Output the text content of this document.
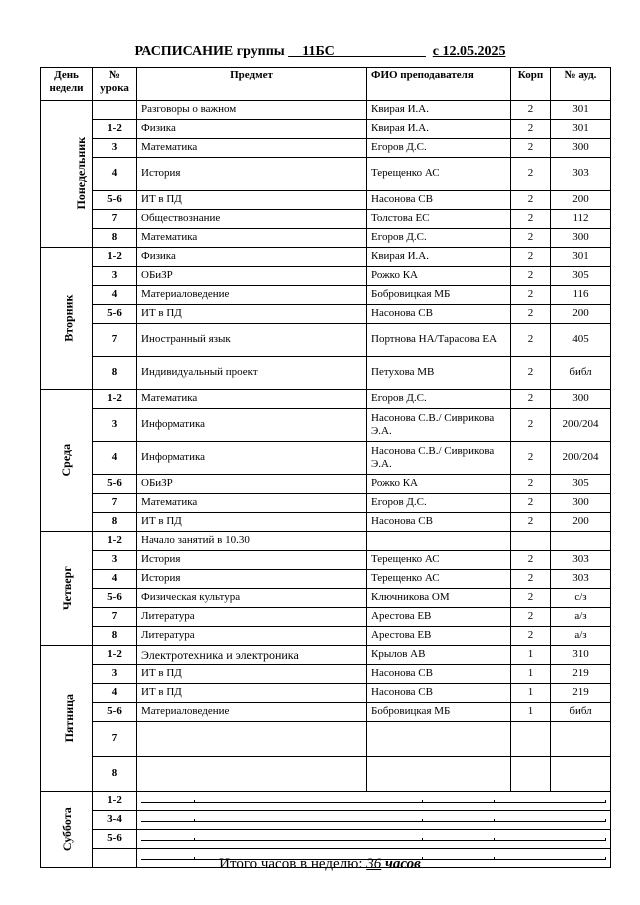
РАСПИСАНИЕ группы __11БС_____________ с 12.05.2025
День недели	№ урока	Предмет	ФИО преподавателя	Корп	№ ауд.
Понедельник		Разговоры о важном	Квирая И.А.	2	301
1-2	Физика	Квирая И.А.	2	301
3	Математика	Егоров Д.С.	2	300
4	История	Терещенко АС	2	303
5-6	ИТ в ПД	Насонова СВ	2	200
7	Обществознание	Толстова ЕС	2	112
8	Математика	Егоров Д.С.	2	300
Вторник	1-2	Физика	Квирая И.А.	2	301
3	ОБиЗР	Рожко КА	2	305
4	Материаловедение	Бобровицкая МБ	2	116
5-6	ИТ в ПД	Насонова СВ	2	200
7	Иностранный язык	Портнова НА/Тарасова ЕА	2	405
8	Индивидуальный проект	Петухова МВ	2	библ
Среда	1-2	Математика	Егоров Д.С.	2	300
3	Информатика	Насонова С.В./ Сиврикова Э.А.	2	200/204
4	Информатика	Насонова С.В./ Сиврикова Э.А.	2	200/204
5-6	ОБиЗР	Рожко КА	2	305
7	Математика	Егоров Д.С.	2	300
8	ИТ в ПД	Насонова СВ	2	200
Четверг	1-2	Начало занятий в 10.30			
3	История	Терещенко АС	2	303
4	История	Терещенко АС	2	303
5-6	Физическая культура	Ключникова ОМ	2	с/з
7	Литература	Арестова ЕВ	2	а/з
8	Литература	Арестова ЕВ	2	а/з
Пятница	1-2	Электротехника и электроника	Крылов АВ	1	310
3	ИТ в ПД	Насонова СВ	1	219
4	ИТ в ПД	Насонова СВ	1	219
5-6	Материаловедение	Бобровицкая МБ	1	библ
7				
8				
Суббота	1-2	

3-4	

5-6	

Итого часов в неделю: 36 часов
